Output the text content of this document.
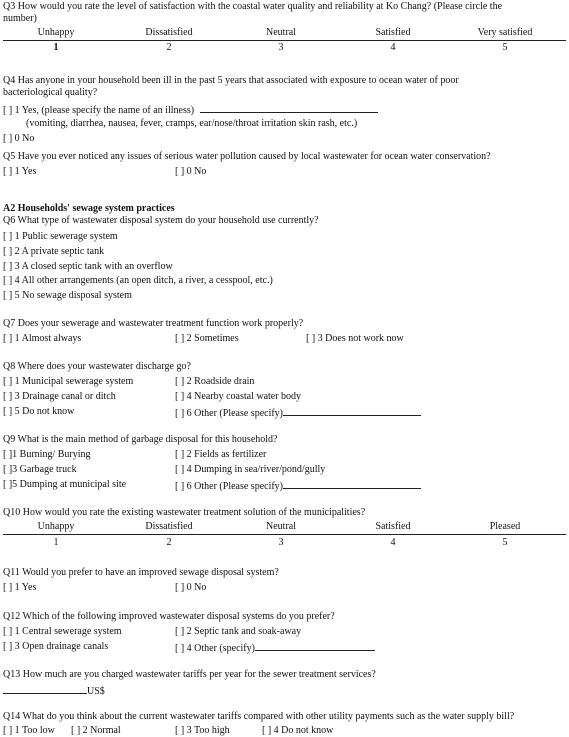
Q3 How would you rate the level of satisfaction with the coastal water quality and reliability at Ko Chang? (Please circle the
number)
Unhappy	Dissatisfied	Neutral	Satisfied	Very satisfied
1	2	3	4	5
Q4 Has anyone in your household been ill in the past 5 years that associated with exposure to ocean water of poor
bacteriological quality?
[ ] 1 Yes, (please specify the name of an illness)
(vomiting, diarrhea, nausea, fever, cramps, ear/nose/throat irritation skin rash, etc.)
[ ] 0 No
Q5 Have you ever noticed any issues of serious water pollution caused by local wastewater for ocean water conservation?
[ ] 1 Yes	[ ] 0 No
A2 Households' sewage system practices
Q6 What type of wastewater disposal system do your household use currently?
[ ] 1 Public sewerage system
[ ] 2 A private septic tank
[ ] 3 A closed septic tank with an overflow
[ ] 4 All other arrangements (an open ditch, a river, a cesspool, etc.)
[ ] 5 No sewage disposal system
Q7 Does your sewerage and wastewater treatment function work properly?
[ ] 1 Almost always	[ ] 2 Sometimes	[ ] 3 Does not work now
Q8 Where does your wastewater discharge go?
[ ] 1 Municipal sewerage system	[ ] 2 Roadside drain
[ ] 3 Drainage canal or ditch	[ ] 4 Nearby coastal water body
[ ] 5 Do not know	[ ] 6 Other (Please specify)
Q9 What is the main method of garbage disposal for this household?
[ ]1 Burning/ Burying	[ ] 2 Fields as fertilizer
[ ]3 Garbage truck	[ ] 4 Dumping in sea/river/pond/gully
[ ]5 Dumping at municipal site	[ ] 6 Other (Please specify)
Q10 How would you rate the existing wastewater treatment solution of the municipalities?
Unhappy	Dissatisfied	Neutral	Satisfied	Pleased
1	2	3	4	5
Q11 Would you prefer to have an improved sewage disposal system?
[ ] 1 Yes	[ ] 0 No
Q12 Which of the following improved wastewater disposal systems do you prefer?
[ ] 1 Central sewerage system	[ ] 2 Septic tank and soak-away
[ ] 3 Open drainage canals	[ ] 4 Other (specify)
Q13 How much are you charged wastewater tariffs per year for the sewer treatment services?
US$
Q14 What do you think about the current wastewater tariffs compared with other utility payments such as the water supply bill?
[ ] 1 Too low [ ] 2 Normal	[ ] 3 Too high	[ ] 4 Do not know
